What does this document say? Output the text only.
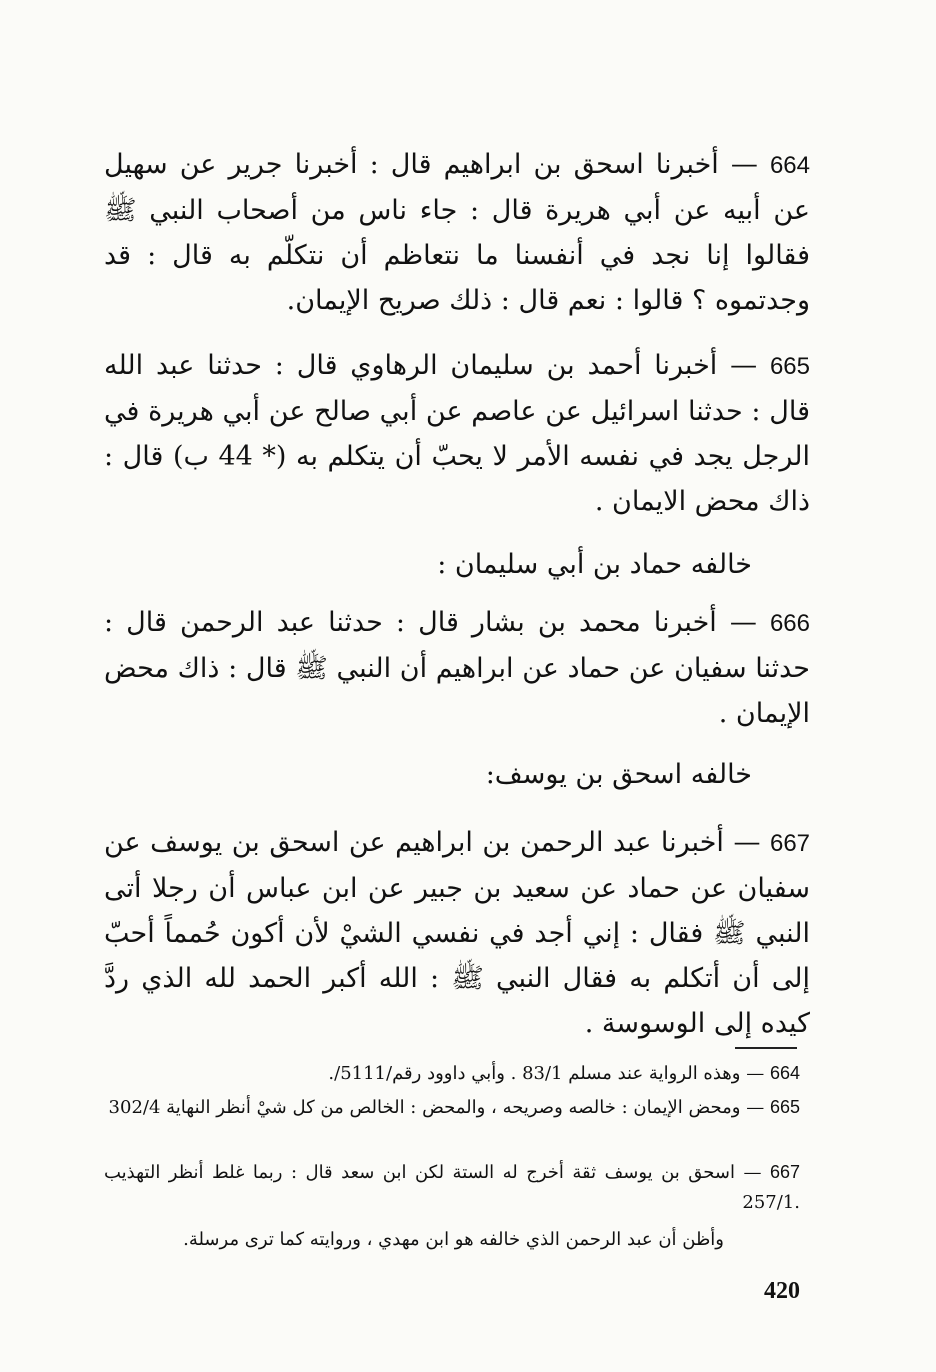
664 — أخبرنا اسحق بن ابراهيم قال : أخبرنا جرير عن سهيل عن أبيه عن أبي هريرة قال : جاء ناس من أصحاب النبي ﷺ فقالوا إنا نجد في أنفسنا ما نتعاظم أن نتكلّم به قال : قد وجدتموه ؟ قالوا : نعم قال : ذلك صريح الإيمان.
665 — أخبرنا أحمد بن سليمان الرهاوي قال : حدثنا عبد الله قال : حدثنا اسرائيل عن عاصم عن أبي صالح عن أبي هريرة في الرجل يجد في نفسه الأمر لا يحبّ أن يتكلم به (* 44 ب) قال : ذاك محض الايمان .
خالفه حماد بن أبي سليمان :
666 — أخبرنا محمد بن بشار قال : حدثنا عبد الرحمن قال : حدثنا سفيان عن حماد عن ابراهيم أن النبي ﷺ قال : ذاك محض الإيمان .
خالفه اسحق بن يوسف:
667 — أخبرنا عبد الرحمن بن ابراهيم عن اسحق بن يوسف عن سفيان عن حماد عن سعيد بن جبير عن ابن عباس أن رجلا أتى النبي ﷺ فقال : إني أجد في نفسي الشيْ لأن أكون حُمماً أحبّ إلى أن أتكلم به فقال النبي ﷺ : الله أكبر الحمد لله الذي ردَّ كيده إلى الوسوسة .
664 — وهذه الرواية عند مسلم 83/1 . وأبي داوود رقم/5111/.
665 — ومحض الإيمان : خالصه وصريحه ، والمحض : الخالص من كل شيْ أنظر النهاية 302/4
667 — اسحق بن يوسف ثقة أخرج له الستة لكن ابن سعد قال : ربما غلط أنظر التهذيب .257/1
وأظن أن عبد الرحمن الذي خالفه هو ابن مهدي ، وروايته كما ترى مرسلة.
420
